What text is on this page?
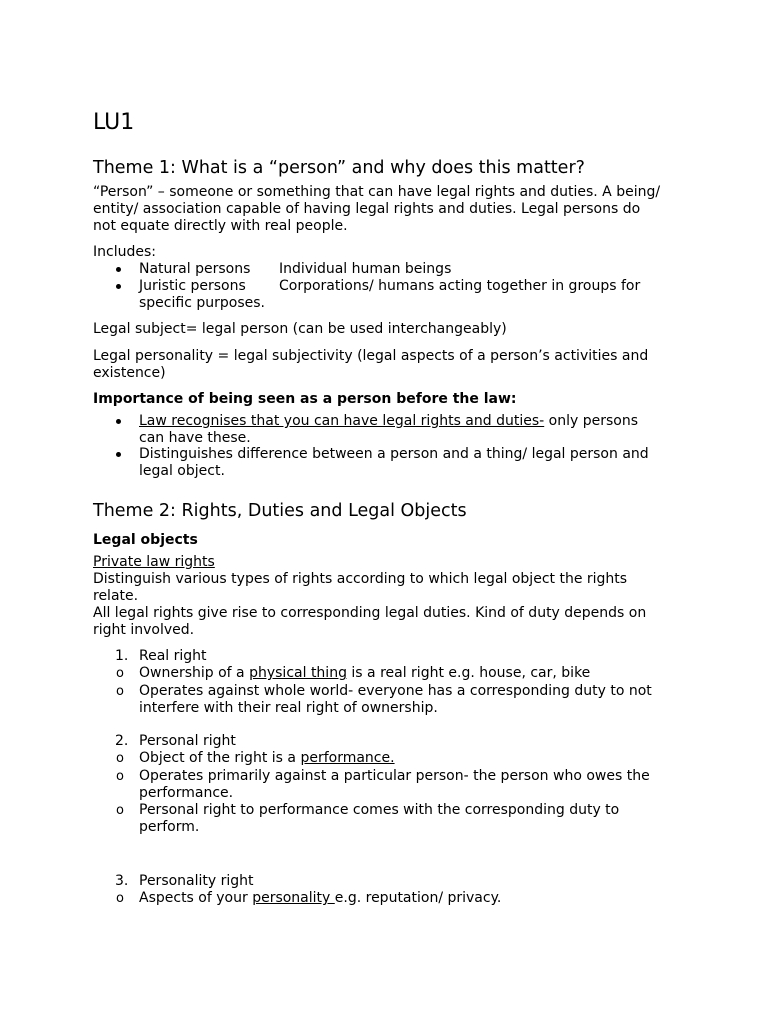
LU1
Theme 1: What is a “person” and why does this matter?

“Person” – someone or something that can have legal rights and duties. A being/

entity/ association capable of having legal rights and duties. Legal persons do

not equate directly with real people.

Includes:

Natural persons	Individual human beings
Juristic persons	Corporations/ humans acting together in groups for
specific purposes.

Legal subject= legal person (can be used interchangeably)

Legal personality = legal subjectivity (legal aspects of a person’s activities and

existence)

Importance of being seen as a person before the law:

Law recognises that you can have legal rights and duties- only persons
can have these.
Distinguishes difference between a person and a thing/ legal person and
legal object.
Theme 2: Rights, Duties and Legal Objects

Legal objects

Private law rights

Distinguish various types of rights according to which legal object the rights

relate.

All legal rights give rise to corresponding legal duties. Kind of duty depends on

right involved.

1. Real right
o Ownership of a physical thing is a real right e.g. house, car, bike
o Operates against whole world- everyone has a corresponding duty to not
interfere with their real right of ownership.
2. Personal right
o Object of the right is a performance.
o Operates primarily against a particular person- the person who owes the
performance.
o Personal right to performance comes with the corresponding duty to
perform.
3. Personality right
o Aspects of your personality e.g. reputation/ privacy.
